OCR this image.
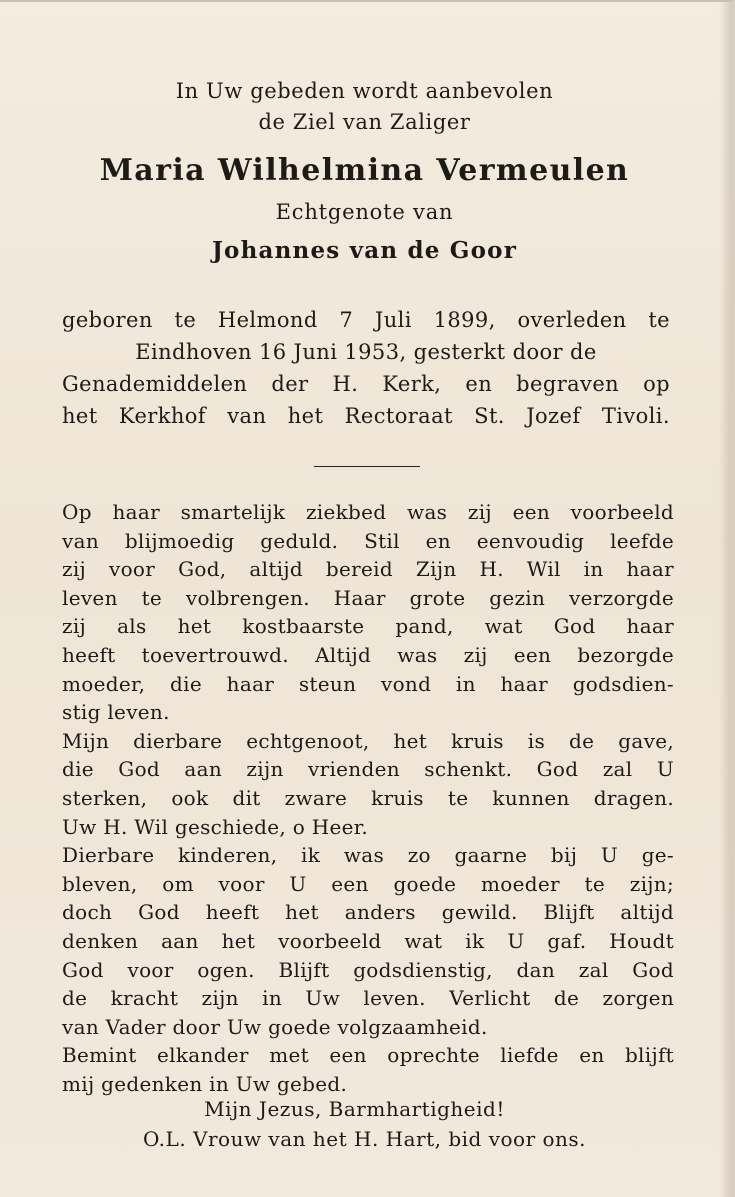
In Uw gebeden wordt aanbevolen
de Ziel van Zaliger
Maria Wilhelmina Vermeulen
Echtgenote van
Johannes van de Goor
geboren te Helmond 7 Juli 1899, overleden te
Eindhoven 16 Juni 1953, gesterkt door de
Genademiddelen der H. Kerk, en begraven op
het Kerkhof van het Rectoraat St. Jozef Tivoli.
Op haar smartelijk ziekbed was zij een voorbeeld
van blijmoedig geduld. Stil en eenvoudig leefde
zij voor God, altijd bereid Zijn H. Wil in haar
leven te volbrengen. Haar grote gezin verzorgde
zij als het kostbaarste pand, wat God haar
heeft toevertrouwd. Altijd was zij een bezorgde
moeder, die haar steun vond in haar godsdien-
stig leven.
Mijn dierbare echtgenoot, het kruis is de gave,
die God aan zijn vrienden schenkt. God zal U
sterken, ook dit zware kruis te kunnen dragen.
Uw H. Wil geschiede, o Heer.
Dierbare kinderen, ik was zo gaarne bij U ge-
bleven, om voor U een goede moeder te zijn;
doch God heeft het anders gewild. Blijft altijd
denken aan het voorbeeld wat ik U gaf. Houdt
God voor ogen. Blijft godsdienstig, dan zal God
de kracht zijn in Uw leven. Verlicht de zorgen
van Vader door Uw goede volgzaamheid.
Bemint elkander met een oprechte liefde en blijft
mij gedenken in Uw gebed.
Mijn Jezus, Barmhartigheid!
O.L. Vrouw van het H. Hart, bid voor ons.
